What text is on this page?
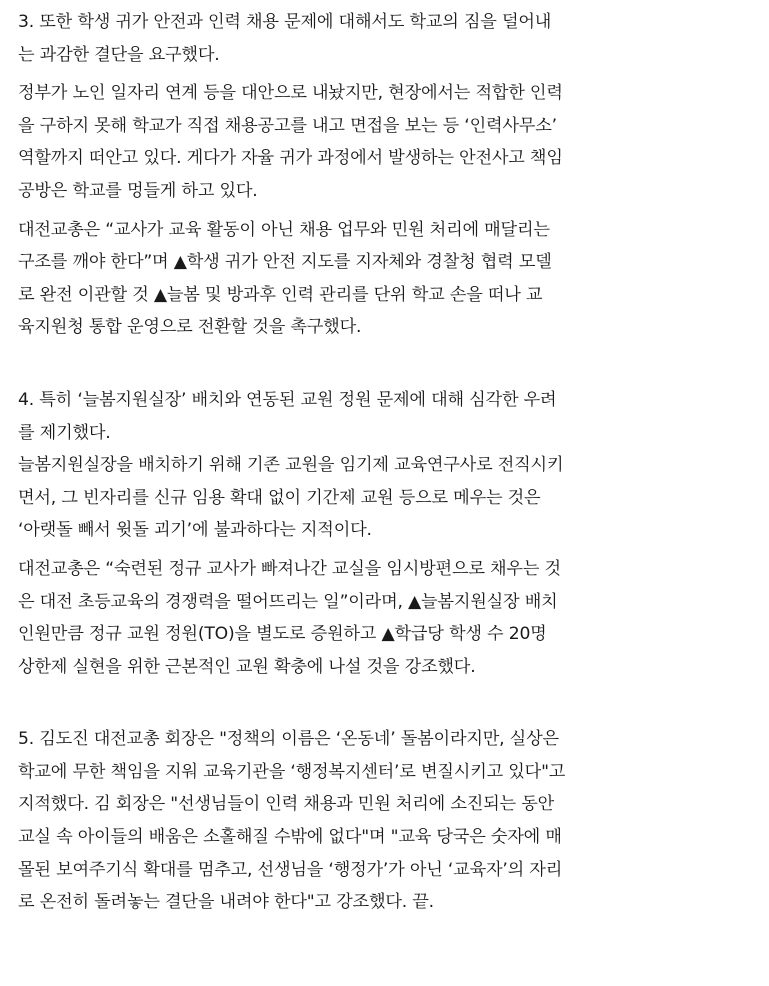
3. 또한 학생 귀가 안전과 인력 채용 문제에 대해서도 학교의 짐을 덜어내
는 과감한 결단을 요구했다.

정부가 노인 일자리 연계 등을 대안으로 내놨지만, 현장에서는 적합한 인력
을 구하지 못해 학교가 직접 채용공고를 내고 면접을 보는 등 ‘인력사무소’
역할까지 떠안고 있다. 게다가 자율 귀가 과정에서 발생하는 안전사고 책임
공방은 학교를 멍들게 하고 있다.

대전교총은 “교사가 교육 활동이 아닌 채용 업무와 민원 처리에 매달리는
구조를 깨야 한다”며 ▲학생 귀가 안전 지도를 지자체와 경찰청 협력 모델
로 완전 이관할 것 ▲늘봄 및 방과후 인력 관리를 단위 학교 손을 떠나 교
육지원청 통합 운영으로 전환할 것을 촉구했다.

4. 특히 ‘늘봄지원실장’ 배치와 연동된 교원 정원 문제에 대해 심각한 우려
를 제기했다.

늘봄지원실장을 배치하기 위해 기존 교원을 임기제 교육연구사로 전직시키
면서, 그 빈자리를 신규 임용 확대 없이 기간제 교원 등으로 메우는 것은
‘아랫돌 빼서 윗돌 괴기’에 불과하다는 지적이다.

대전교총은 “숙련된 정규 교사가 빠져나간 교실을 임시방편으로 채우는 것
은 대전 초등교육의 경쟁력을 떨어뜨리는 일”이라며, ▲늘봄지원실장 배치
인원만큼 정규 교원 정원(TO)을 별도로 증원하고 ▲학급당 학생 수 20명
상한제 실현을 위한 근본적인 교원 확충에 나설 것을 강조했다.

5. 김도진 대전교총 회장은 "정책의 이름은 ‘온동네’ 돌봄이라지만, 실상은
학교에 무한 책임을 지워 교육기관을 ‘행정복지센터’로 변질시키고 있다"고
지적했다. 김 회장은 "선생님들이 인력 채용과 민원 처리에 소진되는 동안
교실 속 아이들의 배움은 소홀해질 수밖에 없다"며 "교육 당국은 숫자에 매
몰된 보여주기식 확대를 멈추고, 선생님을 ‘행정가’가 아닌 ‘교육자’의 자리
로 온전히 돌려놓는 결단을 내려야 한다"고 강조했다. 끝.
